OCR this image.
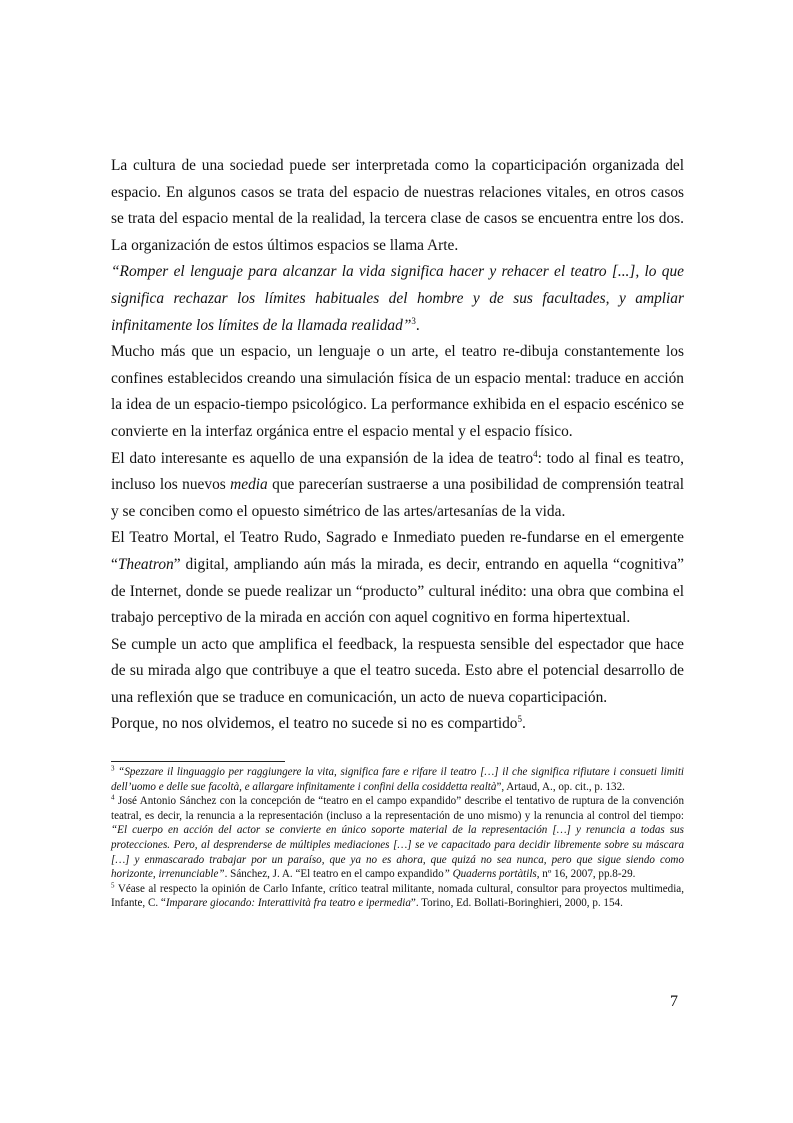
La cultura de una sociedad puede ser interpretada como la coparticipación organizada del espacio. En algunos casos se trata del espacio de nuestras relaciones vitales, en otros casos se trata del espacio mental de la realidad, la tercera clase de casos se encuentra entre los dos. La organización de estos últimos espacios se llama Arte.

“Romper el lenguaje para alcanzar la vida significa hacer y rehacer el teatro [...], lo que significa rechazar los límites habituales del hombre y de sus facultades, y ampliar infinitamente los límites de la llamada realidad”$^3$.

Mucho más que un espacio, un lenguaje o un arte, el teatro re-dibuja constantemente los confines establecidos creando una simulación física de un espacio mental: traduce en acción la idea de un espacio-tiempo psicológico. La performance exhibida en el espacio escénico se convierte en la interfaz orgánica entre el espacio mental y el espacio físico.

El dato interesante es aquello de una expansión de la idea de teatro$^4$: todo al final es teatro, incluso los nuevos media que parecerían sustraerse a una posibilidad de comprensión teatral y se conciben como el opuesto simétrico de las artes/artesanías de la vida.

El Teatro Mortal, el Teatro Rudo, Sagrado e Inmediato pueden re-fundarse en el emergente “Theatron” digital, ampliando aún más la mirada, es decir, entrando en aquella “cognitiva” de Internet, donde se puede realizar un “producto” cultural inédito: una obra que combina el trabajo perceptivo de la mirada en acción con aquel cognitivo en forma hipertextual.

Se cumple un acto que amplifica el feedback, la respuesta sensible del espectador que hace de su mirada algo que contribuye a que el teatro suceda. Esto abre el potencial desarrollo de una reflexión que se traduce en comunicación, un acto de nueva coparticipación.

Porque, no nos olvidemos, el teatro no sucede si no es compartido$^5$.

$^3$ “Spezzare il linguaggio per raggiungere la vita, significa fare e rifare il teatro […] il che significa rifiutare i consueti limiti dell’uomo e delle sue facoltà, e allargare infinitamente i confini della cosiddetta realtà”, Artaud, A., op. cit., p. 132.

$^4$ José Antonio Sánchez con la concepción de “teatro en el campo expandido” describe el tentativo de ruptura de la convención teatral, es decir, la renuncia a la representación (incluso a la representación de uno mismo) y la renuncia al control del tiempo: “El cuerpo en acción del actor se convierte en único soporte material de la representación […] y renuncia a todas sus protecciones. Pero, al desprenderse de múltiples mediaciones […] se ve capacitado para decidir libremente sobre su máscara […] y enmascarado trabajar por un paraíso, que ya no es ahora, que quizá no sea nunca, pero que sigue siendo como horizonte, irrenunciable”. Sánchez, J. A. “El teatro en el campo expandido” Quaderns portàtils, nº 16, 2007, pp.8-29.

$^5$ Véase al respecto la opinión de Carlo Infante, crítico teatral militante, nomada cultural, consultor para proyectos multimedia, Infante, C. “Imparare giocando: Interattività fra teatro e ipermedia”. Torino, Ed. Bollati-Boringhieri, 2000, p. 154.

7
